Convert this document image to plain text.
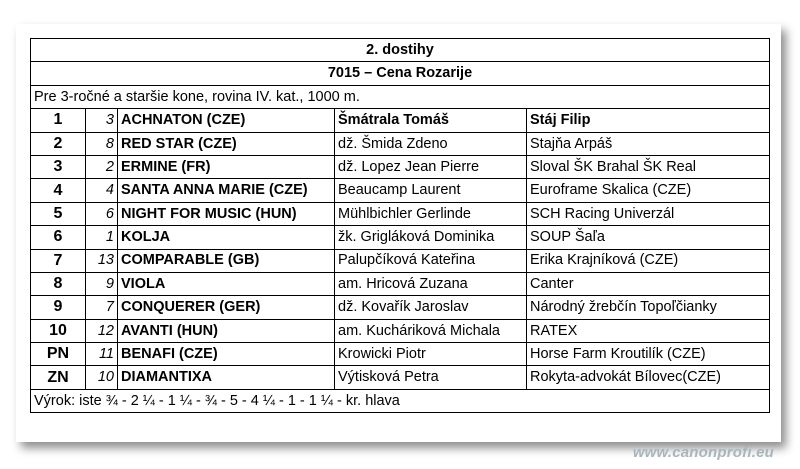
2. dostihy				
7015 – Cena Rozarije				
Pre 3-ročné a staršie kone, rovina IV. kat., 1000 m.				
1	3	ACHNATON (CZE)	Šmátrala Tomáš	Stáj Filip
2	8	RED STAR (CZE)	dž. Šmida Zdeno	Stajňa Arpáš
3	2	ERMINE (FR)	dž. Lopez Jean Pierre	Sloval ŠK Brahal ŠK Real
4	4	SANTA ANNA MARIE (CZE)	Beaucamp Laurent	Euroframe Skalica (CZE)
5	6	NIGHT FOR MUSIC (HUN)	Mühlbichler Gerlinde	SCH Racing Univerzál
6	1	KOLJA	žk. Grigláková Dominika	SOUP Šaľa
7	13	COMPARABLE (GB)	Palupčíková Kateřina	Erika Krajníková (CZE)
8	9	VIOLA	am. Hricová Zuzana	Canter
9	7	CONQUERER (GER)	dž. Kovařík Jaroslav	Národný žrebčín Topoľčianky
10	12	AVANTI (HUN)	am. Kucháriková Michala	RATEX
PN	11	BENAFI (CZE)	Krowicki Piotr	Horse Farm Kroutilík (CZE)
ZN	10	DIAMANTIXA	Výtisková Petra	Rokyta-advokát Bílovec(CZE)
Výrok: iste ¾ - 2 ¼ - 1 ¼ - ¾ - 5 - 4 ¼ - 1 - 1 ¼ - kr. hlava				
www.canonprofi.eu
